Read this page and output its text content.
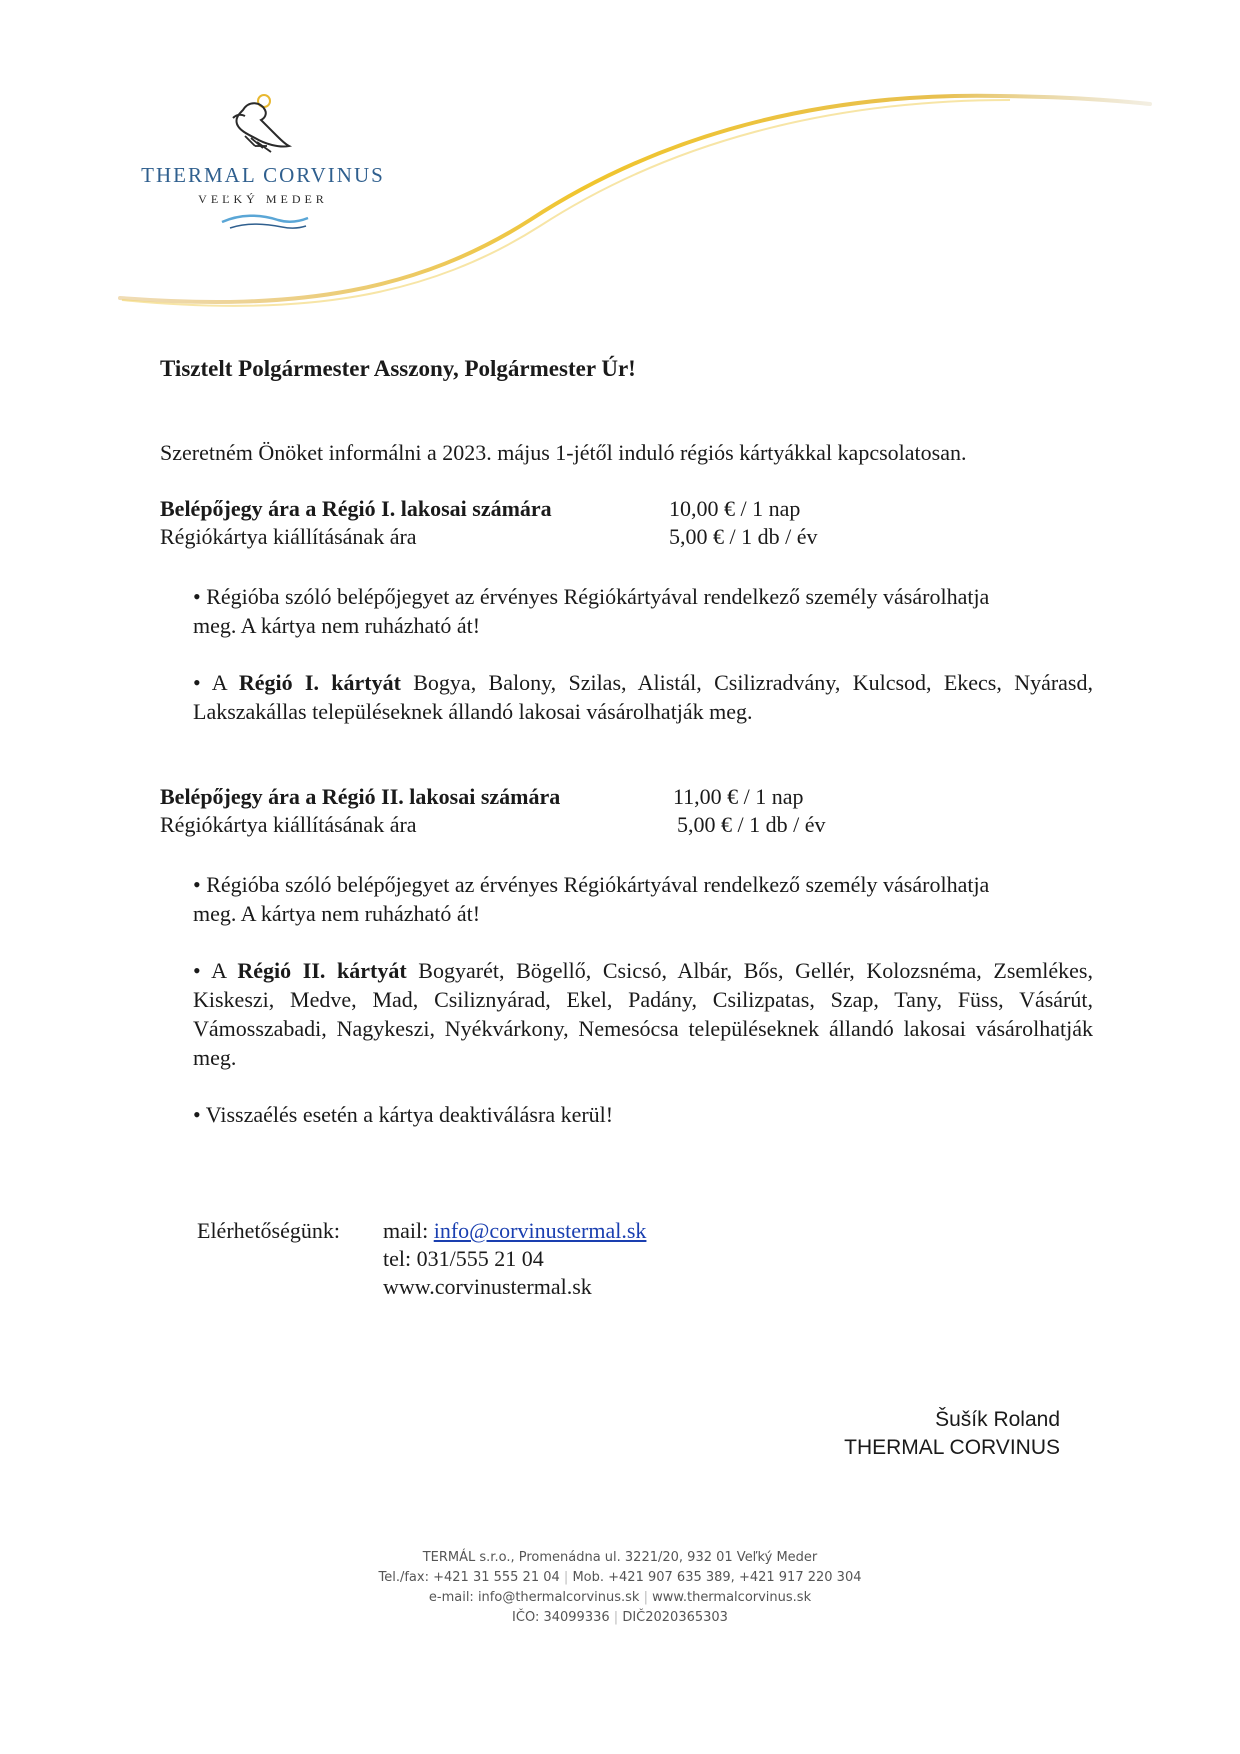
THERMAL CORVINUS
VEĽKÝ MEDER
Tisztelt Polgármester Asszony, Polgármester Úr!
Szeretném Önöket informálni a 2023. május 1-jétől induló régiós kártyákkal kapcsolatosan.
Belépőjegy ára a Régió I. lakosai számára	10,00 € / 1 nap
Régiókártya kiállításának ára	5,00 € / 1 db / év

• Régióba szóló belépőjegyet az érvényes Régiókártyával rendelkező személy vásárolhatja

meg. A kártya nem ruházható át!

• A Régió I. kártyát Bogya, Balony, Szilas, Alistál, Csilizradvány, Kulcsod, Ekecs, Nyárasd, Lakszakállas településeknek állandó lakosai vásárolhatják meg.

Belépőjegy ára a Régió II. lakosai számára	11,00 € / 1 nap
Régiókártya kiállításának ára	5,00 € / 1 db / év

• Régióba szóló belépőjegyet az érvényes Régiókártyával rendelkező személy vásárolhatja

meg. A kártya nem ruházható át!

• A Régió II. kártyát Bogyarét, Bögellő, Csicsó, Albár, Bős, Gellér, Kolozsnéma, Zsemlékes, Kiskeszi, Medve, Mad, Csiliznyárad, Ekel, Padány, Csilizpatas, Szap, Tany, Füss, Vásárút, Vámosszabadi, Nagykeszi, Nyékvárkony, Nemesócsa településeknek állandó lakosai vásárolhatják meg.

• Visszaélés esetén a kártya deaktiválásra kerül!

Elérhetőségünk: mail: info@corvinustermal.sk
tel: 031/555 21 04
www.corvinustermal.sk
Šušík Roland
THERMAL CORVINUS
TERMÁL s.r.o., Promenádna ul. 3221/20, 932 01 Veľký Meder
Tel./fax: +421 31 555 21 04 | Mob. +421 907 635 389, +421 917 220 304
e-mail: info@thermalcorvinus.sk | www.thermalcorvinus.sk
IČO: 34099336 | DIČ2020365303
